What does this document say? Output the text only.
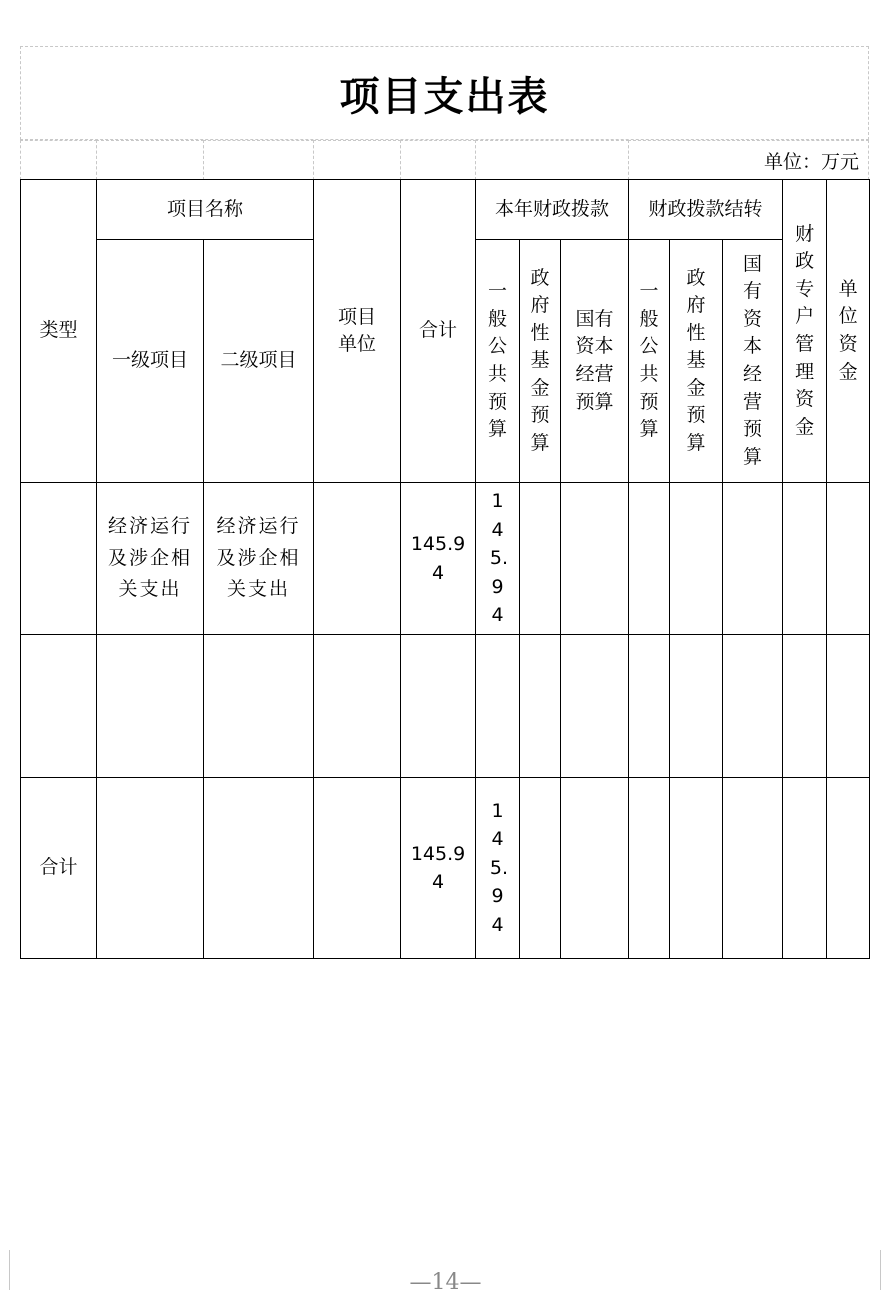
项目支出表
单位：万元
类型	项目名称		项目单位	合计	本年财政拨款			财政拨款结转			财政专户管理资金	单位资金
	一级项目	二级项目			一般公共预算	政府性基金预算	国有资本经营预算	一般公共预算	政府性基金预算	国有资本经营预算		

	经济运行及涉企相关支出	经济运行及涉企相关支出		145.94	145.94							

合计				145.94	145.94							
—14—
